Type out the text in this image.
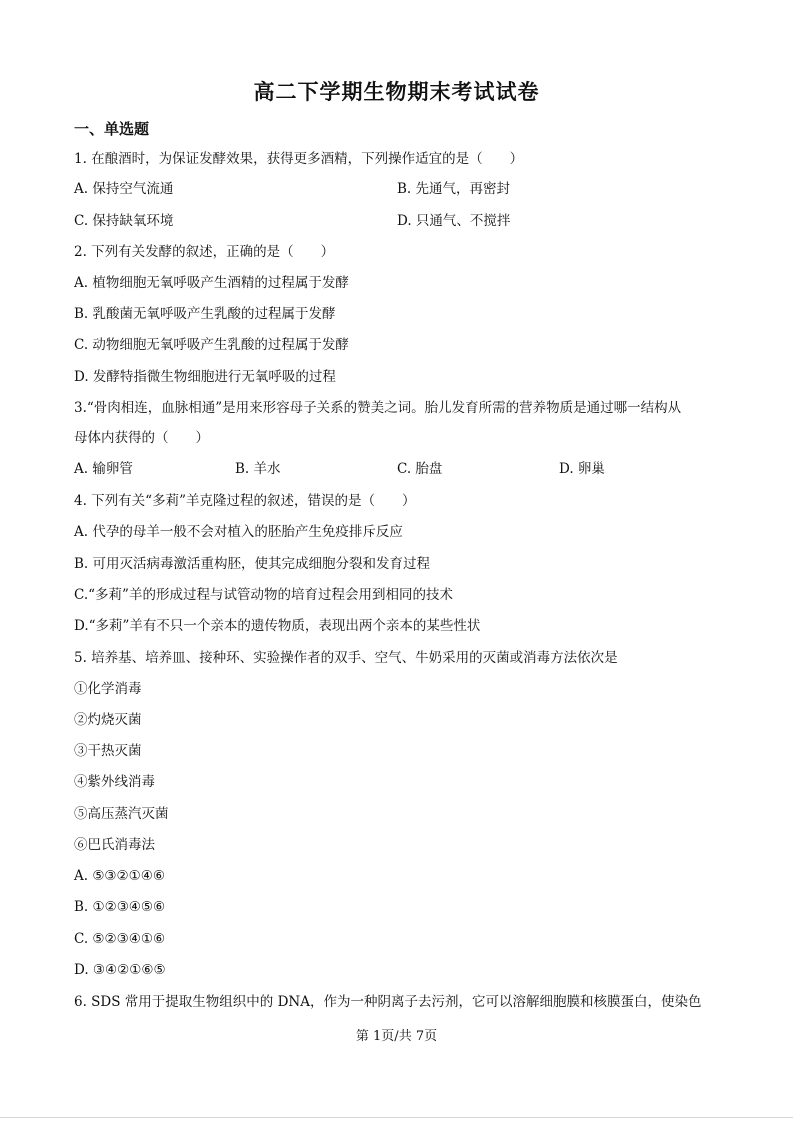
高二下学期生物期末考试试卷
一、单选题
1. 在酿酒时，为保证发酵效果，获得更多酒精，下列操作适宜的是（　　）
A. 保持空气流通	B. 先通气，再密封
C. 保持缺氧环境	D. 只通气、不搅拌
2. 下列有关发酵的叙述，正确的是（　　）
A. 植物细胞无氧呼吸产生酒精的过程属于发酵
B. 乳酸菌无氧呼吸产生乳酸的过程属于发酵
C. 动物细胞无氧呼吸产生乳酸的过程属于发酵
D. 发酵特指微生物细胞进行无氧呼吸的过程
3.“骨肉相连，血脉相通”是用来形容母子关系的赞美之词。胎儿发育所需的营养物质是通过哪一结构从
母体内获得的（　　）
A. 输卵管	B. 羊水	C. 胎盘	D. 卵巢
4. 下列有关“多莉”羊克隆过程的叙述，错误的是（　　）
A. 代孕的母羊一般不会对植入的胚胎产生免疫排斥反应
B. 可用灭活病毒激活重构胚，使其完成细胞分裂和发育过程
C.“多莉”羊的形成过程与试管动物的培育过程会用到相同的技术
D.“多莉”羊有不只一个亲本的遗传物质，表现出两个亲本的某些性状
5. 培养基、培养皿、接种环、实验操作者的双手、空气、牛奶采用的灭菌或消毒方法依次是
①化学消毒
②灼烧灭菌
③干热灭菌
④紫外线消毒
⑤高压蒸汽灭菌
⑥巴氏消毒法
A. ⑤③②①④⑥
B. ①②③④⑤⑥
C. ⑤②③④①⑥
D. ③④②①⑥⑤
6. SDS 常用于提取生物组织中的 DNA，作为一种阴离子去污剂，它可以溶解细胞膜和核膜蛋白，使染色
第 1页/共 7页
